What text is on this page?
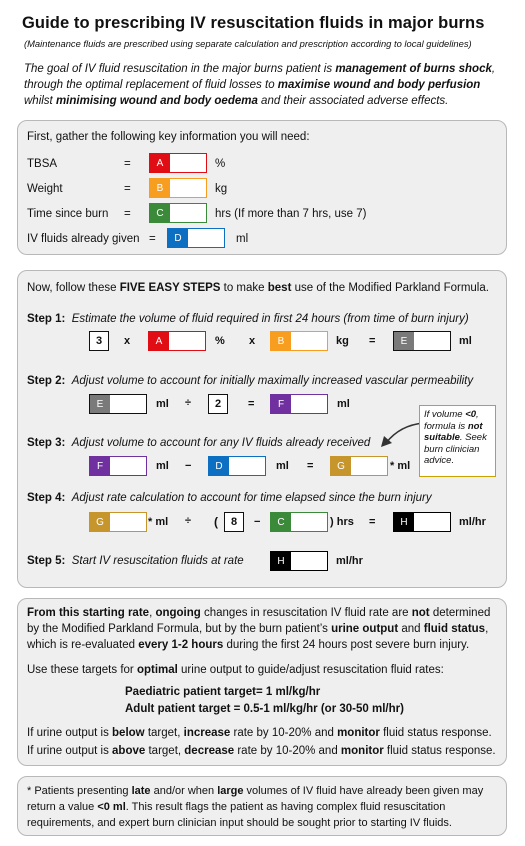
Guide to prescribing IV resuscitation fluids in major burns
(Maintenance fluids are prescribed using separate calculation and prescription according to local guidelines)
The goal of IV fluid resuscitation in the major burns patient is management of burns shock, through the optimal replacement of fluid losses to maximise wound and body perfusion whilst minimising wound and body oedema and their associated adverse effects.
First, gather the following key information you will need:
TBSA	=	A	%
Weight	=	B	kg
Time since burn =	C	hrs (If more than 7 hrs, use 7)
IV fluids already given =	D	ml
Now, follow these FIVE EASY STEPS to make best use of the Modified Parkland Formula.
Step 1: Estimate the volume of fluid required in first 24 hours (from time of burn injury)
3	x	A	% x	B	kg =	E	ml
Step 2: Adjust volume to account for initially maximally increased vascular permeability
E	ml ÷	2	=	F	ml
Step 3: Adjust volume to account for any IV fluids already received
F	ml −	D	ml =	G	* ml
Step 4: Adjust rate calculation to account for time elapsed since the burn injury
G	* ml ÷ (	8	−	C	) hrs =	H	ml/hr
Step 5: Start IV resuscitation fluids at rate	H	ml/hr
If volume <0, formula is not suitable. Seek burn clinician advice.
From this starting rate, ongoing changes in resuscitation IV fluid rate are not determined
by the Modified Parkland Formula, but by the burn patient’s urine output and fluid status,
which is re-evaluated every 1-2 hours during the first 24 hours post severe burn injury.
Use these targets for optimal urine output to guide/adjust resuscitation fluid rates:
Paediatric patient target= 1 ml/kg/hr
Adult patient target = 0.5-1 ml/kg/hr (or 30-50 ml/hr)
If urine output is below target, increase rate by 10-20% and monitor fluid status response.
If urine output is above target, decrease rate by 10-20% and monitor fluid status response.
* Patients presenting late and/or when large volumes of IV fluid have already been given may return a value <0 ml. This result flags the patient as having complex fluid resuscitation requirements, and expert burn clinician input should be sought prior to starting IV fluids.
